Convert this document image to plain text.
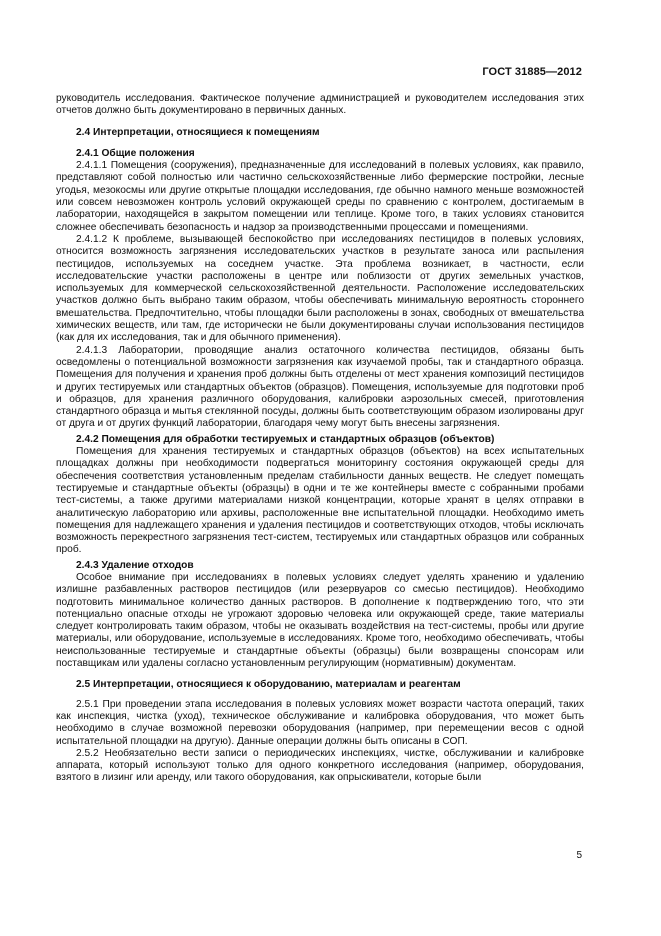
ГОСТ 31885—2012

руководитель исследования. Фактическое получение администрацией и руководителем исследования этих отчетов должно быть документировано в первичных данных.

2.4 Интерпретации, относящиеся к помещениям

2.4.1 Общие положения

2.4.1.1 Помещения (сооружения), предназначенные для исследований в полевых условиях, как правило, представляют собой полностью или частично сельскохозяйственные либо фермерские постройки, лесные угодья, мезокосмы или другие открытые площадки исследования, где обычно намного меньше возможностей или совсем невозможен контроль условий окружающей среды по сравнению с контролем, достигаемым в лаборатории, находящейся в закрытом помещении или теплице. Кроме того, в таких условиях становится сложнее обеспечивать безопасность и надзор за производственными процессами и помещениями.

2.4.1.2 К проблеме, вызывающей беспокойство при исследованиях пестицидов в полевых условиях, относится возможность загрязнения исследовательских участков в результате заноса или распыления пестицидов, используемых на соседнем участке. Эта проблема возникает, в частности, если исследовательские участки расположены в центре или поблизости от других земельных участков, используемых для коммерческой сельскохозяйственной деятельности. Расположение исследовательских участков должно быть выбрано таким образом, чтобы обеспечивать минимальную вероятность стороннего вмешательства. Предпочтительно, чтобы площадки были расположены в зонах, свободных от вмешательства химических веществ, или там, где исторически не были документированы случаи использования пестицидов (как для их исследования, так и для обычного применения).

2.4.1.3 Лаборатории, проводящие анализ остаточного количества пестицидов, обязаны быть осведомлены о потенциальной возможности загрязнения как изучаемой пробы, так и стандартного образца. Помещения для получения и хранения проб должны быть отделены от мест хранения композиций пестицидов и других тестируемых или стандартных объектов (образцов). Помещения, используемые для подготовки проб и образцов, для хранения различного оборудования, калибровки аэрозольных смесей, приготовления стандартного образца и мытья стеклянной посуды, должны быть соответствующим образом изолированы друг от друга и от других функций лаборатории, благодаря чему могут быть внесены загрязнения.

2.4.2 Помещения для обработки тестируемых и стандартных образцов (объектов)

Помещения для хранения тестируемых и стандартных образцов (объектов) на всех испытательных площадках должны при необходимости подвергаться мониторингу состояния окружающей среды для обеспечения соответствия установленным пределам стабильности данных веществ. Не следует помещать тестируемые и стандартные объекты (образцы) в одни и те же контейнеры вместе с собранными пробами тест-системы, а также другими материалами низкой концентрации, которые хранят в целях отправки в аналитическую лабораторию или архивы, расположенные вне испытательной площадки. Необходимо иметь помещения для надлежащего хранения и удаления пестицидов и соответствующих отходов, чтобы исключать возможность перекрестного загрязнения тест-систем, тестируемых или стандартных образцов или собранных проб.

2.4.3 Удаление отходов

Особое внимание при исследованиях в полевых условиях следует уделять хранению и удалению излишне разбавленных растворов пестицидов (или резервуаров со смесью пестицидов). Необходимо подготовить минимальное количество данных растворов. В дополнение к подтверждению того, что эти потенциально опасные отходы не угрожают здоровью человека или окружающей среде, такие материалы следует контролировать таким образом, чтобы не оказывать воздействия на тест-системы, пробы или другие материалы, или оборудование, используемые в исследованиях. Кроме того, необходимо обеспечивать, чтобы неиспользованные тестируемые и стандартные объекты (образцы) были возвращены спонсорам или поставщикам или удалены согласно установленным регулирующим (нормативным) документам.

2.5 Интерпретации, относящиеся к оборудованию, материалам и реагентам

2.5.1 При проведении этапа исследования в полевых условиях может возрасти частота операций, таких как инспекция, чистка (уход), техническое обслуживание и калибровка оборудования, что может быть необходимо в случае возможной перевозки оборудования (например, при перемещении весов с одной испытательной площадки на другую). Данные операции должны быть описаны в СОП.

2.5.2 Необязательно вести записи о периодических инспекциях, чистке, обслуживании и калибровке аппарата, который используют только для одного конкретного исследования (например, оборудования, взятого в лизинг или аренду, или такого оборудования, как опрыскиватели, которые были

5
